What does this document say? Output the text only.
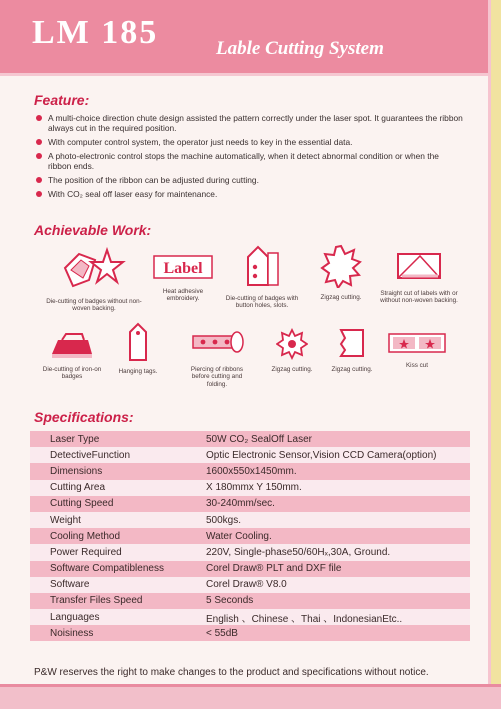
LM 185	Lable Cutting System
Feature:
A multi-choice direction chute design assisted the pattern correctly under the laser spot. It guarantees the ribbon always cut in the required position.
With computer control system, the operator just needs to key in the essential data.
A photo-electronic control stops the machine automatically, when it detect abnormal condition or when the ribbon ends.
The position of the ribbon can be adjusted during cutting.
With CO₂ seal off laser easy for maintenance.
Achievable Work:
Die-cutting of badges without non-woven backing.
Label
Heat adhesive embroidery.	Die-cutting of badges with button holes, slots.
Zigzag cutting.
Straight cut of labels with or without non-woven backing.
Die-cutting of iron-on badges
Hanging tags.	Piercing of ribbons before cutting and folding.
Zigzag cutting.	Zigzag cutting.
Kiss cut
Specifications:
Laser Type	50W CO₂ SealOff Laser
DetectiveFunction	Optic Electronic Sensor,Vision CCD Camera(option)
Dimensions	1600x550x1450mm.
Cutting Area	X 180mmx Y 150mm.
Cutting Speed	30-240mm/sec.
Weight	500kgs.
Cooling Method	Water Cooling.
Power Required	220V, Single-phase50/60Hₓ,30A, Ground.
Software Compatibleness	Corel Draw® PLT and DXF file
Software	Corel Draw® V8.0
Transfer Files Speed	5 Seconds
Languages	English 、Chinese 、Thai 、IndonesianEtc..
Noisiness	< 55dB
P&W reserves the right to make changes to the product and specifications without notice.
